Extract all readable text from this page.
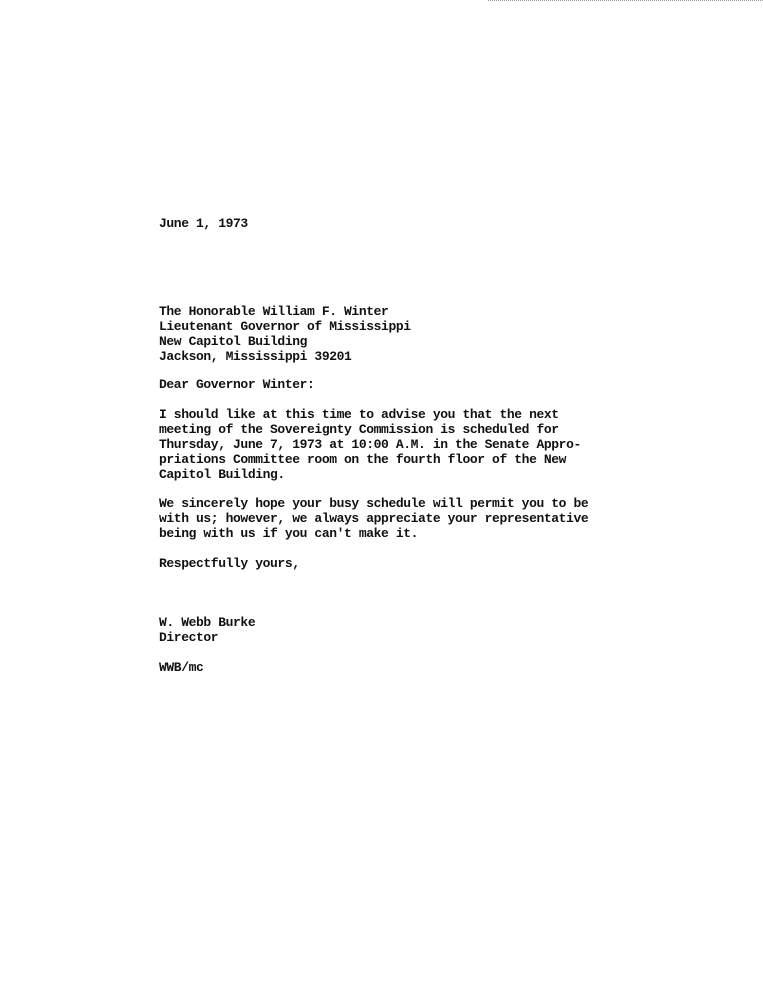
June 1, 1973

The Honorable William F. Winter
Lieutenant Governor of Mississippi
New Capitol Building
Jackson, Mississippi 39201

Dear Governor Winter:

I should like at this time to advise you that the next
meeting of the Sovereignty Commission is scheduled for
Thursday, June 7, 1973 at 10:00 A.M. in the Senate Appro-
priations Committee room on the fourth floor of the New
Capitol Building.
We sincerely hope your busy schedule will permit you to be
with us; however, we always appreciate your representative
being with us if you can't make it.

Respectfully yours,

W. Webb Burke
Director

WWB/mc
